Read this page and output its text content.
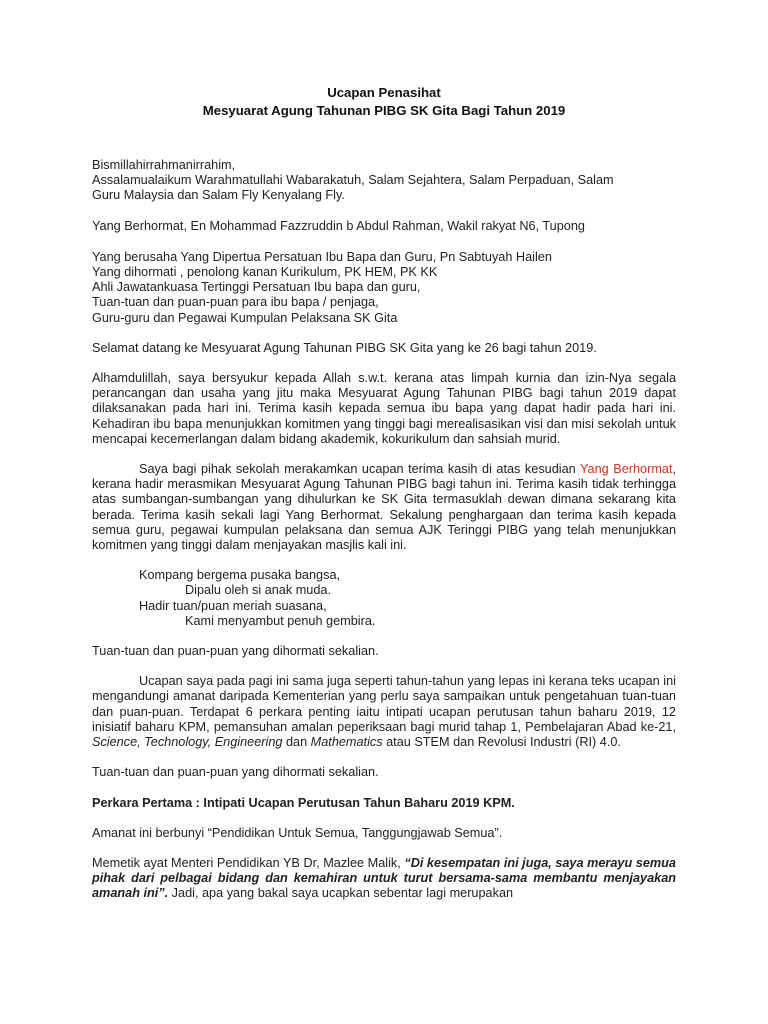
Ucapan Penasihat
Mesyuarat Agung Tahunan PIBG SK Gita Bagi Tahun 2019
Bismillahirrahmanirrahim,
Assalamualaikum Warahmatullahi Wabarakatuh, Salam Sejahtera, Salam Perpaduan, Salam
Guru Malaysia dan Salam Fly Kenyalang Fly.

Yang Berhormat, En Mohammad Fazzruddin b Abdul Rahman, Wakil rakyat N6, Tupong

Yang berusaha Yang Dipertua Persatuan Ibu Bapa dan Guru, Pn Sabtuyah Hailen
Yang dihormati , penolong kanan Kurikulum, PK HEM, PK KK
Ahli Jawatankuasa Tertinggi Persatuan Ibu bapa dan guru,
Tuan-tuan dan puan-puan para ibu bapa / penjaga,
Guru-guru dan Pegawai Kumpulan Pelaksana SK Gita

Selamat datang ke Mesyuarat Agung Tahunan PIBG SK Gita yang ke 26 bagi tahun 2019.

Alhamdulillah, saya bersyukur kepada Allah s.w.t. kerana atas limpah kurnia dan izin-Nya segala perancangan dan usaha yang jitu maka Mesyuarat Agung Tahunan PIBG bagi tahun 2019 dapat dilaksanakan pada hari ini. Terima kasih kepada semua ibu bapa yang dapat hadir pada hari ini. Kehadiran ibu bapa menunjukkan komitmen yang tinggi bagi merealisasikan visi dan misi sekolah untuk mencapai kecemerlangan dalam bidang akademik, kokurikulum dan sahsiah murid.

Saya bagi pihak sekolah merakamkan ucapan terima kasih di atas kesudian Yang Berhormat, kerana hadir merasmikan Mesyuarat Agung Tahunan PIBG bagi tahun ini. Terima kasih tidak terhingga atas sumbangan-sumbangan yang dihulurkan ke SK Gita termasuklah dewan dimana sekarang kita berada. Terima kasih sekali lagi Yang Berhormat. Sekalung penghargaan dan terima kasih kepada semua guru, pegawai kumpulan pelaksana dan semua AJK Teringgi PIBG yang telah menunjukkan komitmen yang tinggi dalam menjayakan masjlis kali ini.

Kompang bergema pusaka bangsa,
Dipalu oleh si anak muda.
Hadir tuan/puan meriah suasana,
Kami menyambut penuh gembira.

Tuan-tuan dan puan-puan yang dihormati sekalian.

Ucapan saya pada pagi ini sama juga seperti tahun-tahun yang lepas ini kerana teks ucapan ini mengandungi amanat daripada Kementerian yang perlu saya sampaikan untuk pengetahuan tuan-tuan dan puan-puan. Terdapat 6 perkara penting iaitu intipati ucapan perutusan tahun baharu 2019, 12 inisiatif baharu KPM, pemansuhan amalan peperiksaan bagi murid tahap 1, Pembelajaran Abad ke-21, Science, Technology, Engineering dan Mathematics atau STEM dan Revolusi Industri (RI) 4.0.

Tuan-tuan dan puan-puan yang dihormati sekalian.

Perkara Pertama : Intipati Ucapan Perutusan Tahun Baharu 2019 KPM.

Amanat ini berbunyi “Pendidikan Untuk Semua, Tanggungjawab Semua”.

Memetik ayat Menteri Pendidikan YB Dr, Mazlee Malik, “Di kesempatan ini juga, saya merayu semua pihak dari pelbagai bidang dan kemahiran untuk turut bersama-sama membantu menjayakan amanah ini”. Jadi, apa yang bakal saya ucapkan sebentar lagi merupakan
